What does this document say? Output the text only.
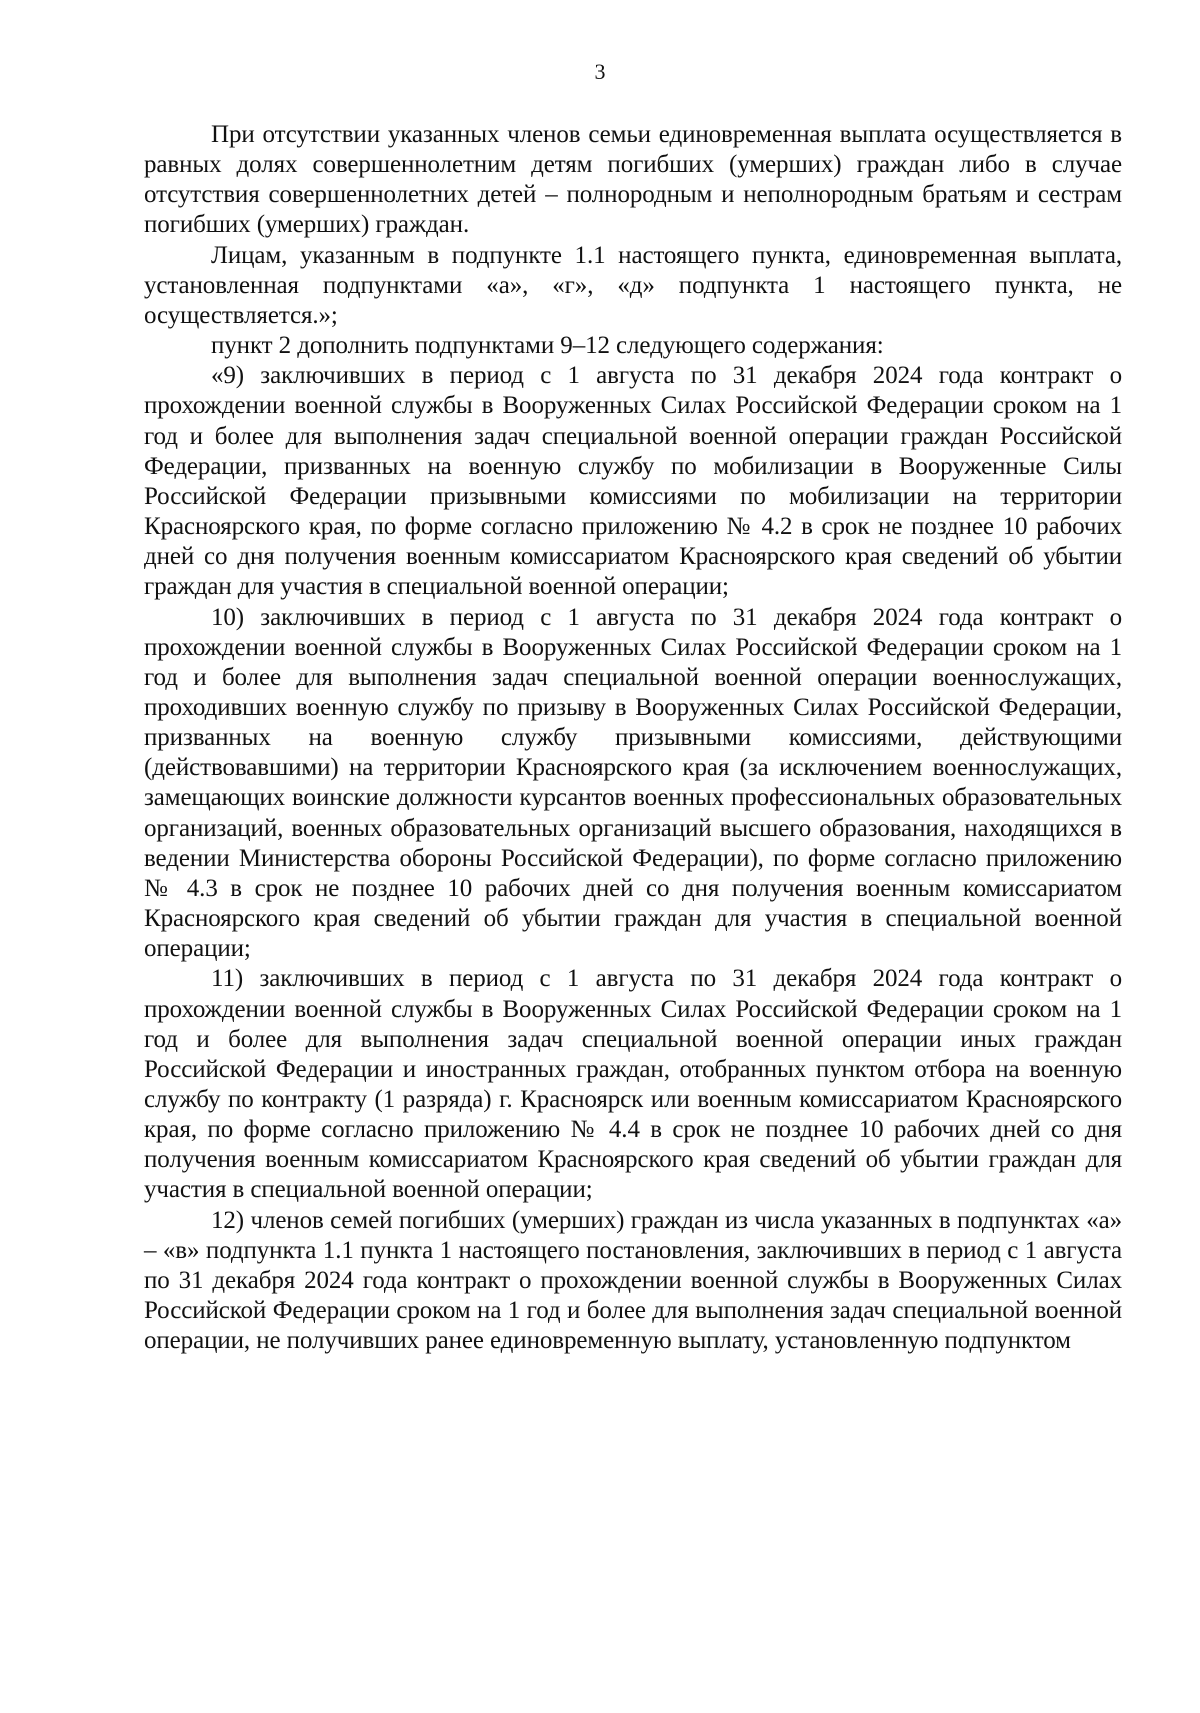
3

При отсутствии указанных членов семьи единовременная выплата осуществляется в равных долях совершеннолетним детям погибших (умерших) граждан либо в случае отсутствия совершеннолетних детей – полнородным и неполнородным братьям и сестрам погибших (умерших) граждан.

Лицам, указанным в подпункте 1.1 настоящего пункта, единовременная выплата, установленная подпунктами «а», «г», «д» подпункта 1 настоящего пункта, не осуществляется.»;

пункт 2 дополнить подпунктами 9–12 следующего содержания:

«9) заключивших в период с 1 августа по 31 декабря 2024 года контракт о прохождении военной службы в Вооруженных Силах Российской Федерации сроком на 1 год и более для выполнения задач специальной военной операции граждан Российской Федерации, призванных на военную службу по мобилизации в Вооруженные Силы Российской Федерации призывными комиссиями по мобилизации на территории Красноярского края, по форме согласно приложению № 4.2 в срок не позднее 10 рабочих дней со дня получения военным комиссариатом Красноярского края сведений об убытии граждан для участия в специальной военной операции;

10) заключивших в период с 1 августа по 31 декабря 2024 года контракт о прохождении военной службы в Вооруженных Силах Российской Федерации сроком на 1 год и более для выполнения задач специальной военной операции военнослужащих, проходивших военную службу по призыву в Вооруженных Силах Российской Федерации, призванных на военную службу призывными комиссиями, действующими (действовавшими) на территории Красноярского края (за исключением военнослужащих, замещающих воинские должности курсантов военных профессиональных образовательных организаций, военных образовательных организаций высшего образования, находящихся в ведении Министерства обороны Российской Федерации), по форме согласно приложению № 4.3 в срок не позднее 10 рабочих дней со дня получения военным комиссариатом Красноярского края сведений об убытии граждан для участия в специальной военной операции;

11) заключивших в период с 1 августа по 31 декабря 2024 года контракт о прохождении военной службы в Вооруженных Силах Российской Федерации сроком на 1 год и более для выполнения задач специальной военной операции иных граждан Российской Федерации и иностранных граждан, отобранных пунктом отбора на военную службу по контракту (1 разряда) г. Красноярск или военным комиссариатом Красноярского края, по форме согласно приложению № 4.4 в срок не позднее 10 рабочих дней со дня получения военным комиссариатом Красноярского края сведений об убытии граждан для участия в специальной военной операции;

12) членов семей погибших (умерших) граждан из числа указанных в подпунктах «а» – «в» подпункта 1.1 пункта 1 настоящего постановления, заключивших в период с 1 августа по 31 декабря 2024 года контракт о прохождении военной службы в Вооруженных Силах Российской Федерации сроком на 1 год и более для выполнения задач специальной военной операции, не получивших ранее единовременную выплату, установленную подпунктом
